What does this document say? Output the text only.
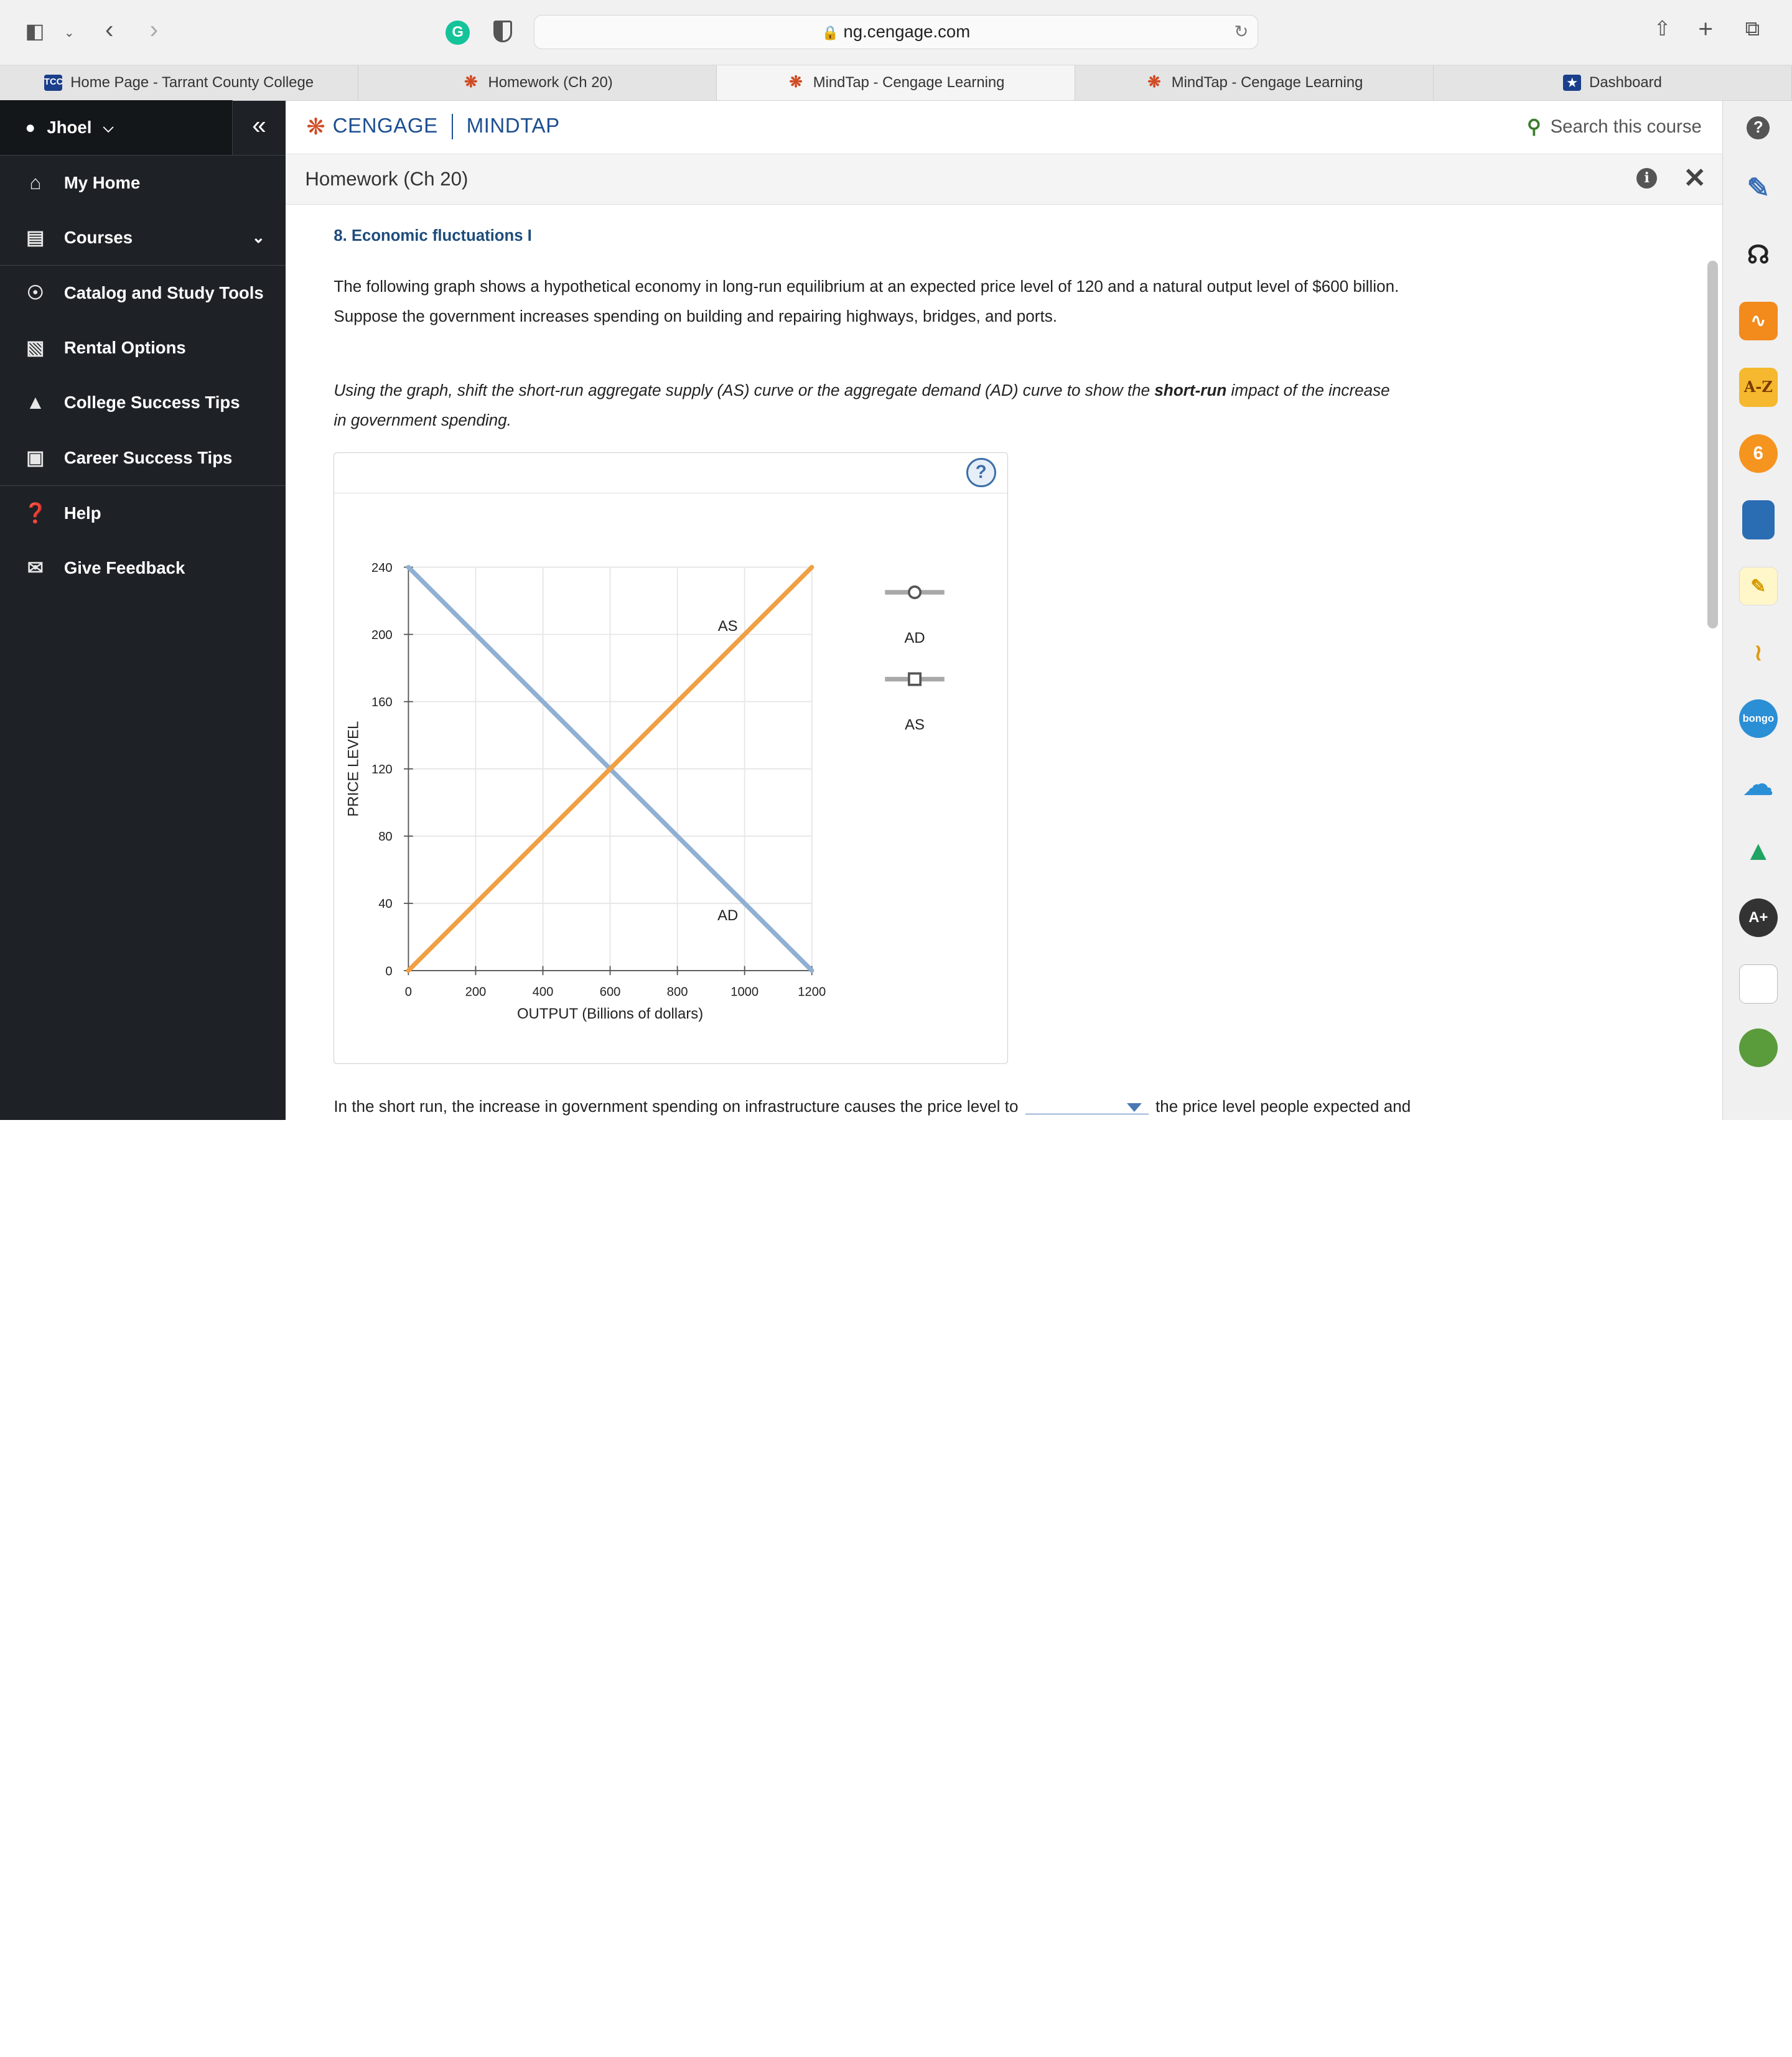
◧	⌄ ‹	›	G	🔒 ng.cengage.com	↻	⇧ +	⧉
TCC Home Page - Tarrant County College	❋	Homework (Ch 20)	❋	MindTap - Cengage Learning	❋	MindTap - Cengage Learning	★	Dashboard
● Jhoel ⌵	«
⌂	My Home
▤	Courses	⌄
☉	Catalog and Study Tools
▧	Rental Options
▲	College Success Tips
▣	Career Success Tips
❓ Help
✉	Give Feedback
❋ CENGAGE	MINDTAP	⚲ Search this course
Homework (Ch 20)	i	✕
?
✎
☊
∿
A-Z
6
✎
≀
bongo
☁
▲
A+
8. Economic fluctuations I
The following graph shows a hypothetical economy in long-run equilibrium at an expected price level of 120 and a natural output level of $600 billion.
Suppose the government increases spending on building and repairing highways, bridges, and ports.
Using the graph, shift the short-run aggregate supply (AS) curve or the aggregate demand (AD) curve to show the short-run impact of the increase
in government spending.
?
0	200	400	600	800	1000	1200
0
40
80
120
160
200
240
OUTPUT (Billions of dollars)
PRICE LEVEL
AD
AS
AD
AS
In the short run, the increase in government spending on infrastructure causes the price level to	the price level people expected and
